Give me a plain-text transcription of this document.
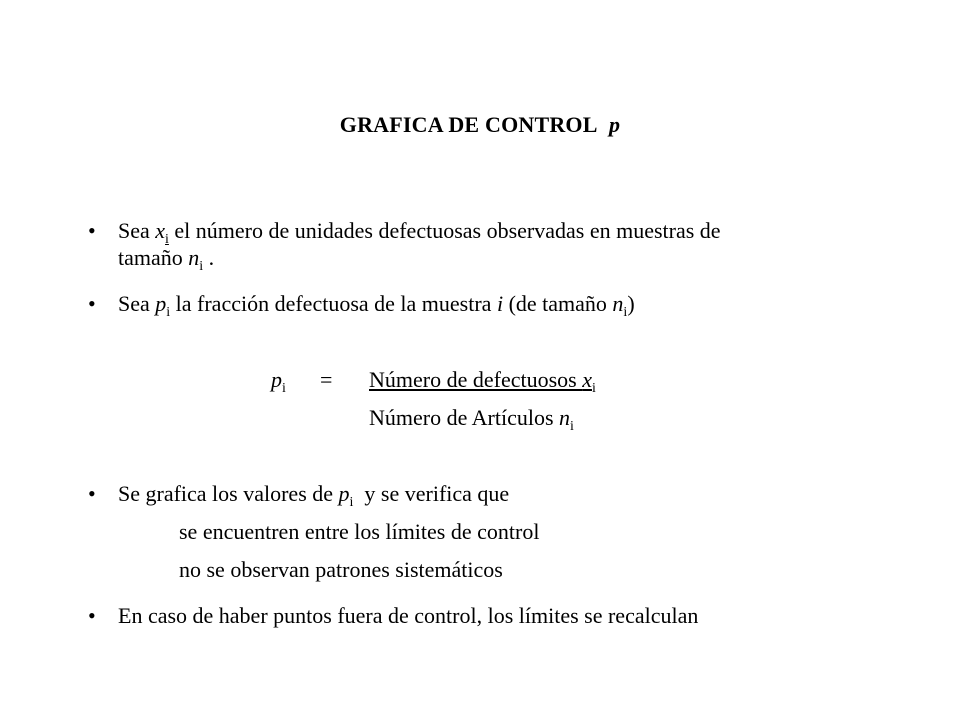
GRAFICA DE CONTROL p
• Sea $x_i$ el número de unidades defectuosas observadas en muestras de
tamaño $n_i$ .
• Sea $p_i$ la fracción defectuosa de la muestra i (de tamaño $n_i$)
$p_i$ = Número de defectuosos $x_i$
Número de Artículos $n_i$
• Se grafica los valores de $p_i$  y se verifica que
se encuentren entre los límites de control
no se observan patrones sistemáticos
• En caso de haber puntos fuera de control, los límites se recalculan
